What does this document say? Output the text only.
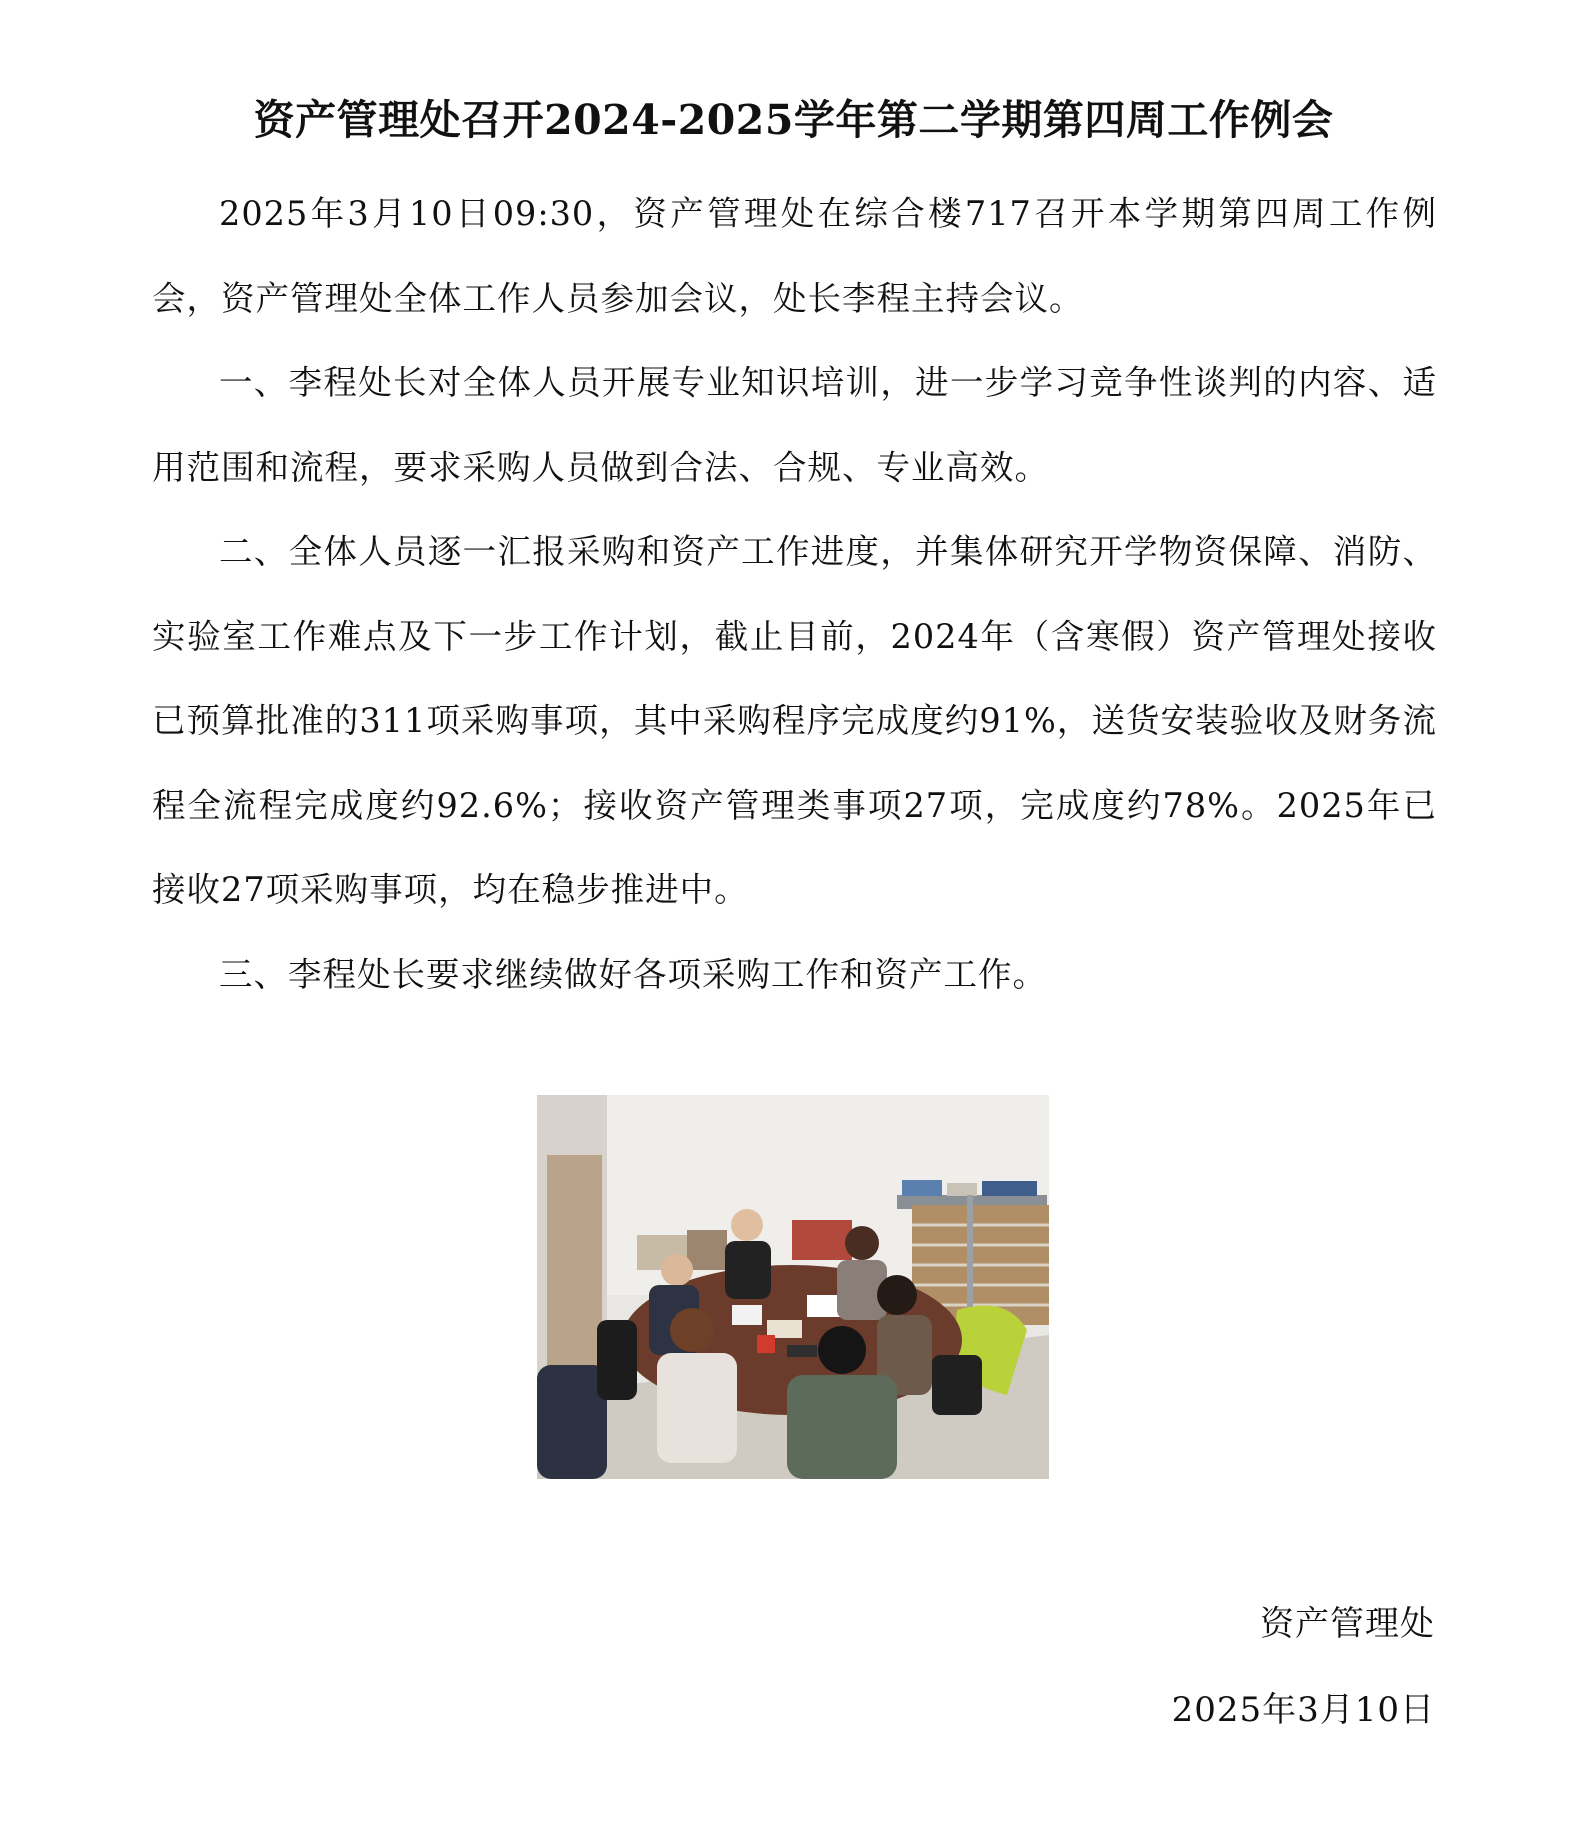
资产管理处召开2024-2025学年第二学期第四周工作例会

2025年3月10日09:30，资产管理处在综合楼717召开本学期第四周工作例会，资产管理处全体工作人员参加会议，处长李程主持会议。

一、李程处长对全体人员开展专业知识培训，进一步学习竞争性谈判的内容、适用范围和流程，要求采购人员做到合法、合规、专业高效。

二、全体人员逐一汇报采购和资产工作进度，并集体研究开学物资保障、消防、实验室工作难点及下一步工作计划，截止目前，2024年（含寒假）资产管理处接收已预算批准的311项采购事项，其中采购程序完成度约91%，送货安装验收及财务流程全流程完成度约92.6%；接收资产管理类事项27项，完成度约78%。2025年已接收27项采购事项，均在稳步推进中。

三、李程处长要求继续做好各项采购工作和资产工作。

资产管理处
2025年3月10日
